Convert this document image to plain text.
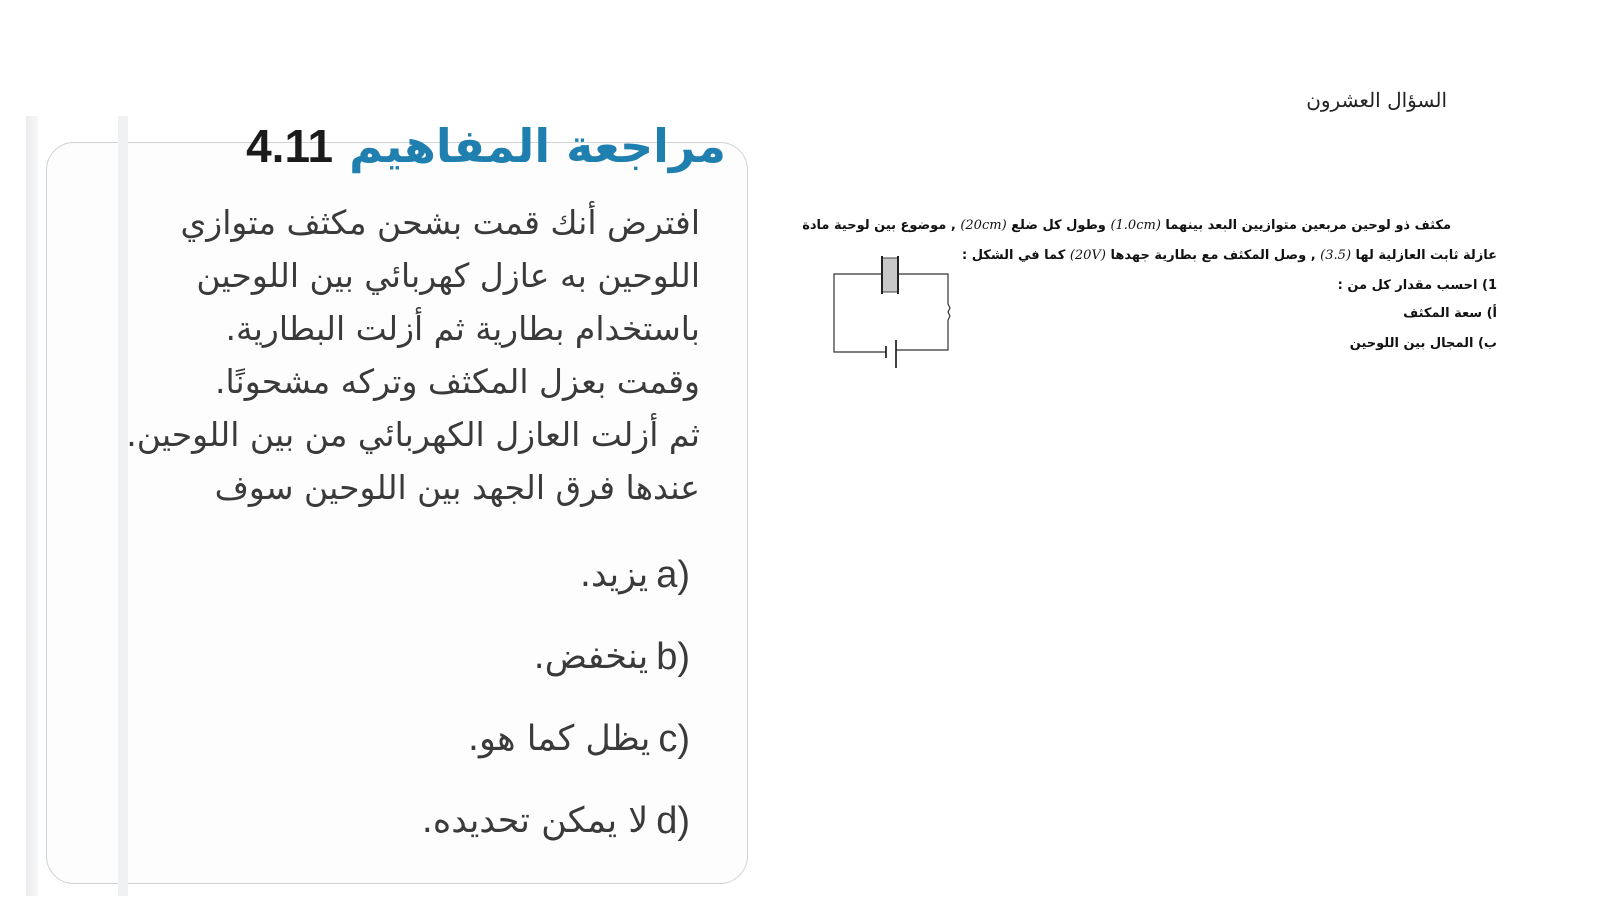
4.11 مراجعة المفاهيم
افترض أنك قمت بشحن مكثف متوازي
اللوحين به عازل كهربائي بين اللوحين
باستخدام بطارية ثم أزلت البطارية.
وقمت بعزل المكثف وتركه مشحونًا.
ثم أزلت العازل الكهربائي من بين اللوحين.
عندها فرق الجهد بين اللوحين سوف
يزيد. a)
ينخفض. b)
يظل كما هو. c)
لا يمكن تحديده. d)
السؤال العشرون
مكثف ذو لوحين مربعين متوازيين البعد بينهما (1.0cm) وطول كل ضلع (20cm) , موضوع بين لوحية مادة
عازلة ثابت العازلية لها (3.5) , وصل المكثف مع بطارية جهدها (20V) كما في الشكل :
1) احسب مقدار كل من :
أ) سعة المكثف
ب) المجال بين اللوحين
